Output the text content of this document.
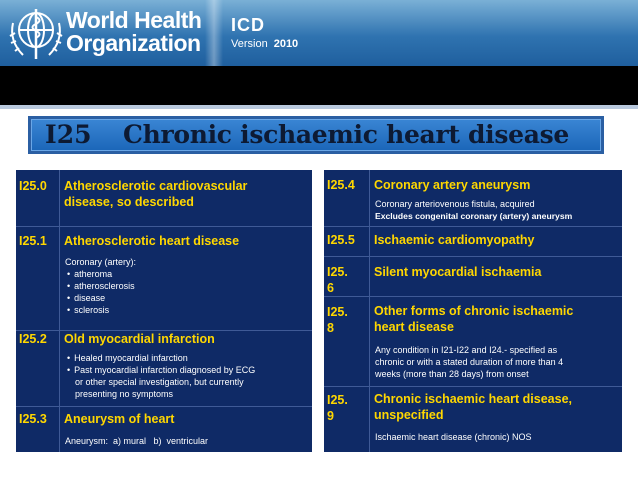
World Health
Organization
ICD
Version 2010
I25 Chronic ischaemic heart disease
I25.0 Atherosclerotic cardiovascular
disease, so described
I25.1 Atherosclerotic heart disease
Coronary (artery):
• atheroma
• atherosclerosis
• disease
• sclerosis
I25.2 Old myocardial infarction
• Healed myocardial infarction
• Past myocardial infarction diagnosed by ECG
or other special investigation, but currently
presenting no symptoms
I25.3 Aneurysm of heart
Aneurysm:  a) mural   b)  ventricular
I25.4 Coronary artery aneurysm
Coronary arteriovenous fistula, acquired
Excludes congenital coronary (artery) aneurysm
I25.5 Ischaemic cardiomyopathy
I25.
6
Silent myocardial ischaemia
I25.
8
Other forms of chronic ischaemic
heart disease
Any condition in I21-I22 and I24.- specified as
chronic or with a stated duration of more than 4
weeks (more than 28 days) from onset
I25.
9
Chronic ischaemic heart disease,
unspecified
Ischaemic heart disease (chronic) NOS
